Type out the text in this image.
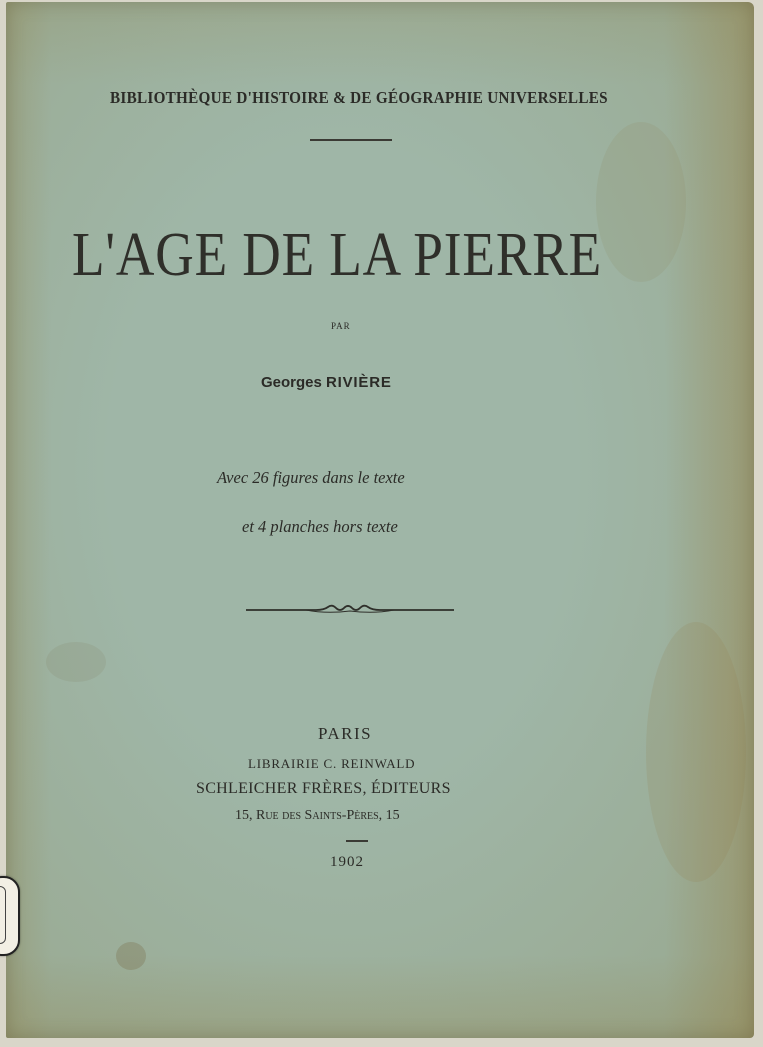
BIBLIOTHÈQUE D'HISTOIRE & DE GÉOGRAPHIE UNIVERSELLES
L'AGE DE LA PIERRE
PAR
Georges RIVIÈRE
Avec 26 figures dans le texte
et 4 planches hors texte
PARIS
LIBRAIRIE C. REINWALD
SCHLEICHER FRÈRES, ÉDITEURS
15, Rue des Saints-Pères, 15
1902
